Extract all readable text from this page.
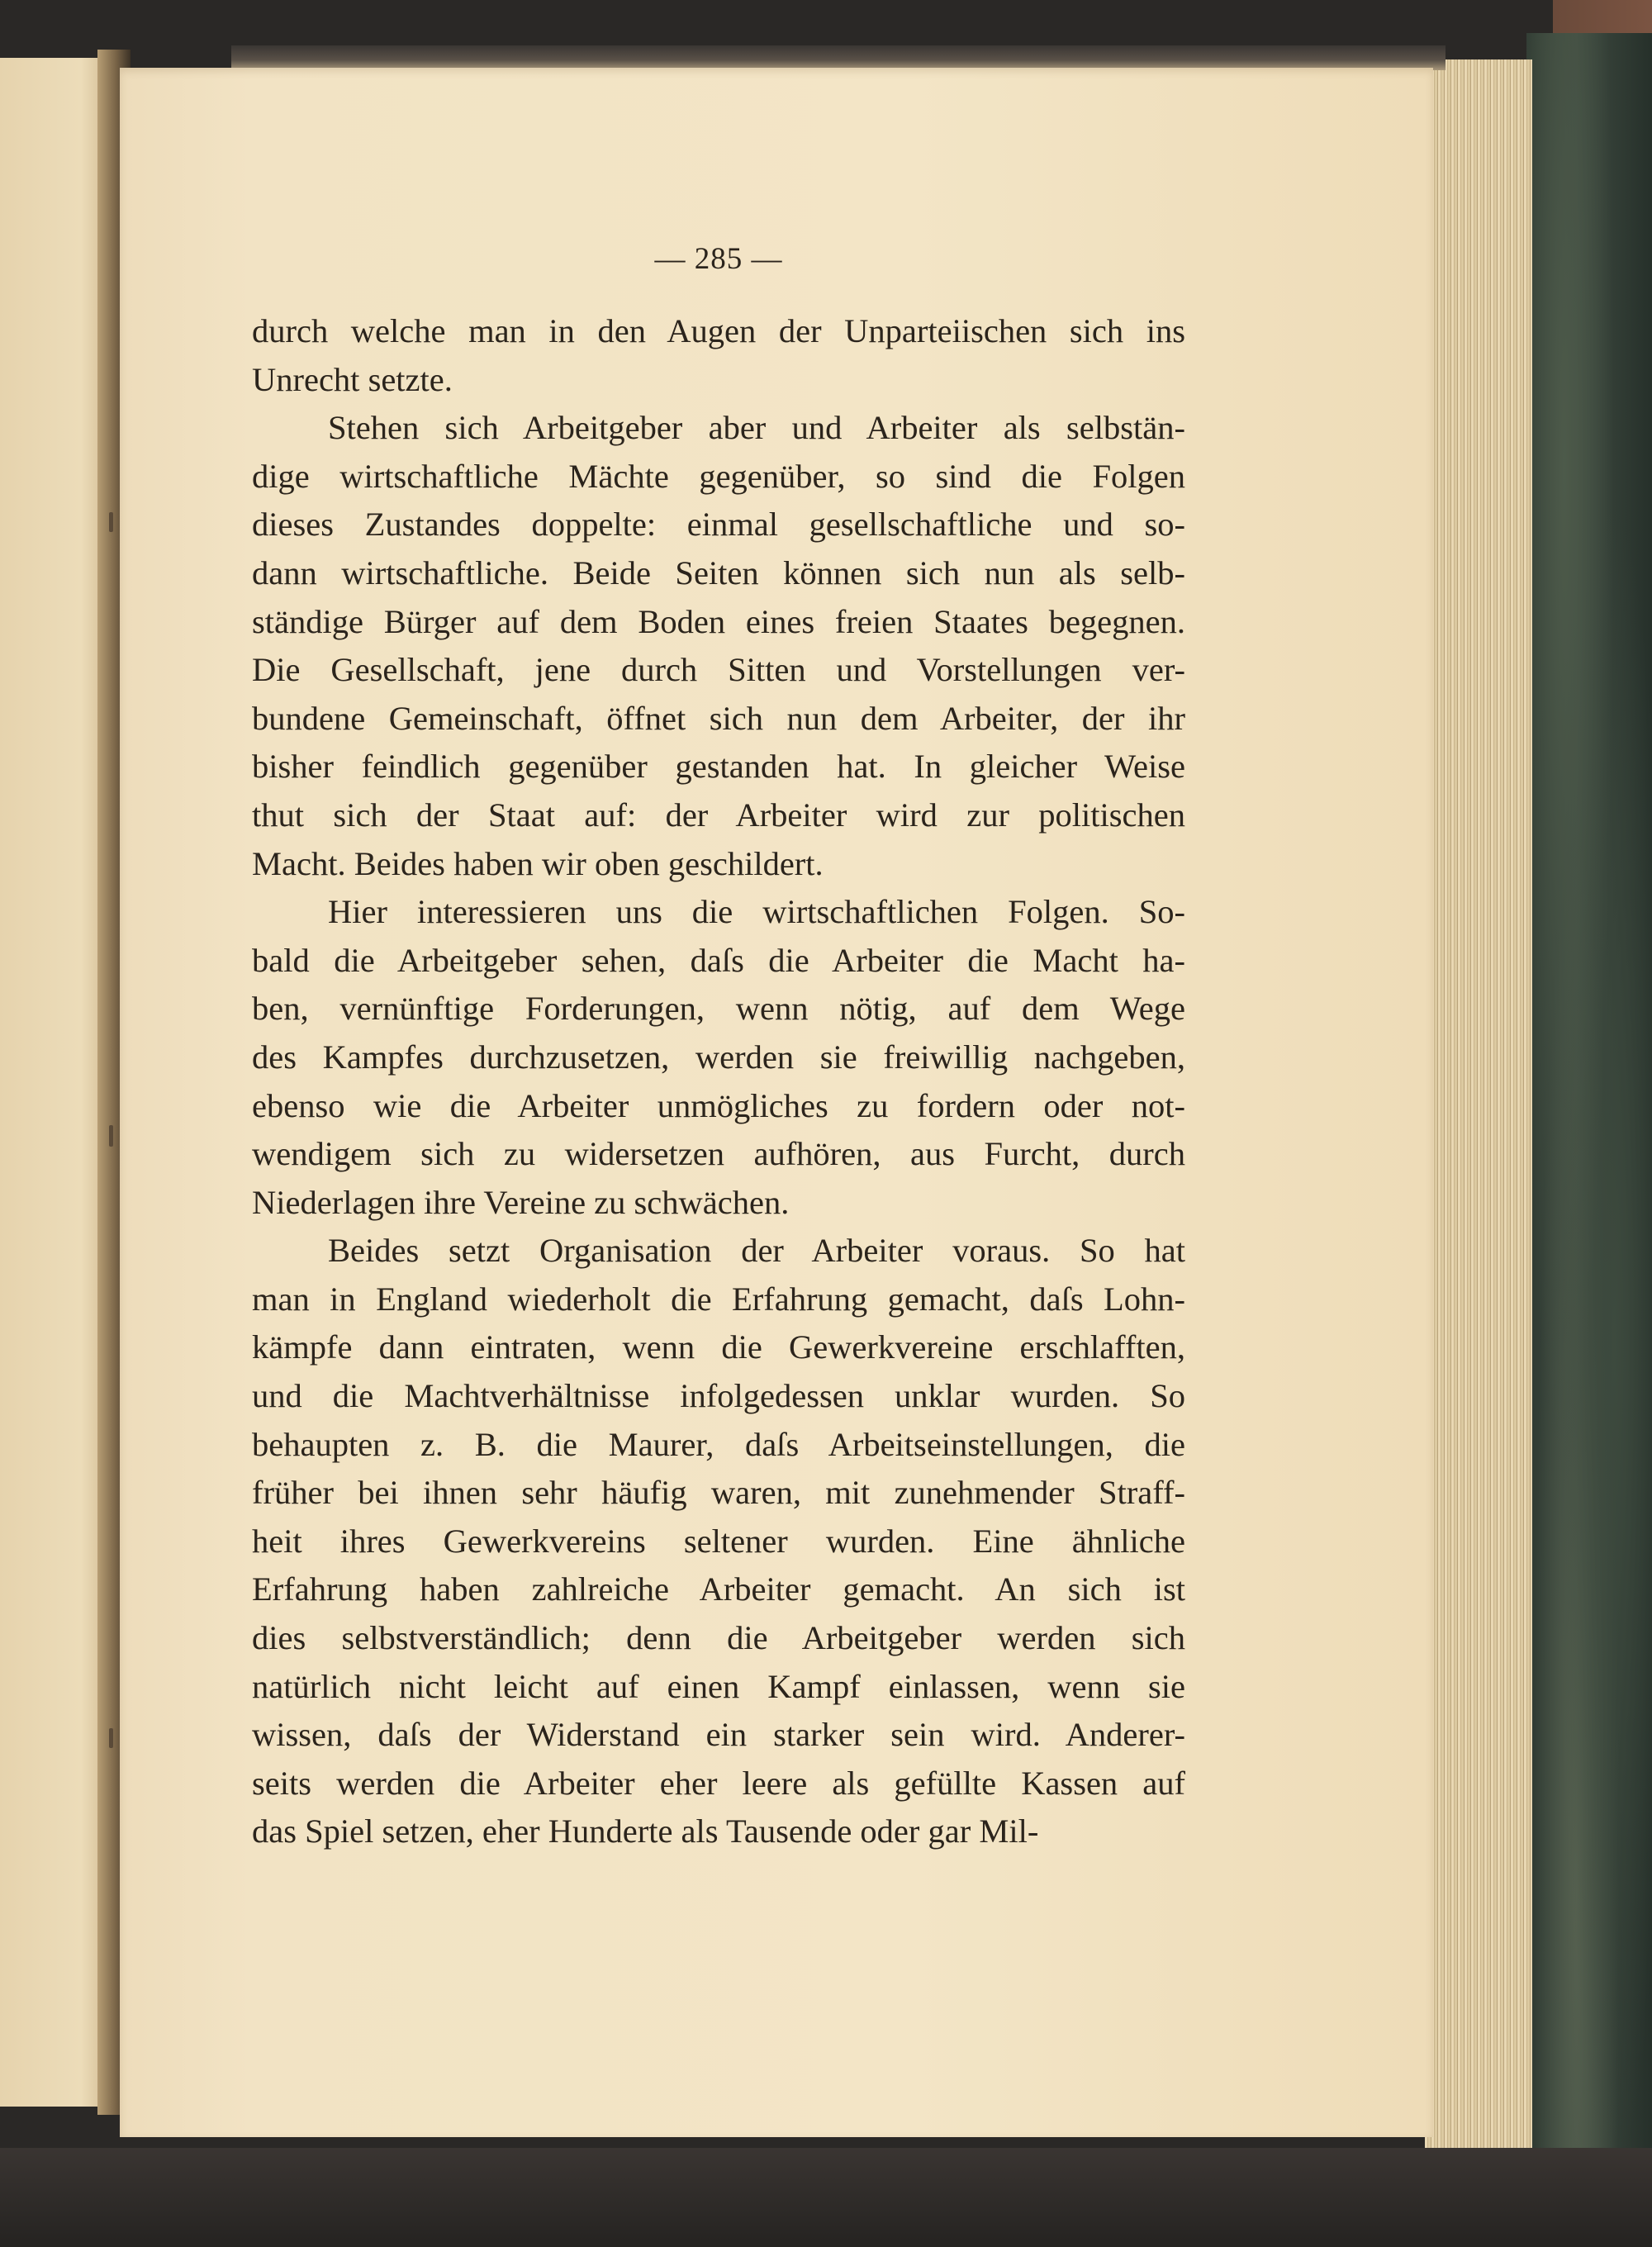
— 285 —
durch welche man in den Augen der Unparteiischen sich ins
Unrecht setzte.
Stehen sich Arbeitgeber aber und Arbeiter als selbstän-
dige wirtschaftliche Mächte gegenüber, so sind die Folgen
dieses Zustandes doppelte: einmal gesellschaftliche und so-
dann wirtschaftliche. Beide Seiten können sich nun als selb-
ständige Bürger auf dem Boden eines freien Staates begegnen.
Die Gesellschaft, jene durch Sitten und Vorstellungen ver-
bundene Gemeinschaft, öffnet sich nun dem Arbeiter, der ihr
bisher feindlich gegenüber gestanden hat. In gleicher Weise
thut sich der Staat auf: der Arbeiter wird zur politischen
Macht. Beides haben wir oben geschildert.
Hier interessieren uns die wirtschaftlichen Folgen. So-
bald die Arbeitgeber sehen, daſs die Arbeiter die Macht ha-
ben, vernünftige Forderungen, wenn nötig, auf dem Wege
des Kampfes durchzusetzen, werden sie freiwillig nachgeben,
ebenso wie die Arbeiter unmögliches zu fordern oder not-
wendigem sich zu widersetzen aufhören, aus Furcht, durch
Niederlagen ihre Vereine zu schwächen.
Beides setzt Organisation der Arbeiter voraus. So hat
man in England wiederholt die Erfahrung gemacht, daſs Lohn-
kämpfe dann eintraten, wenn die Gewerkvereine erschlafften,
und die Machtverhältnisse infolgedessen unklar wurden. So
behaupten z. B. die Maurer, daſs Arbeitseinstellungen, die
früher bei ihnen sehr häufig waren, mit zunehmender Straff-
heit ihres Gewerkvereins seltener wurden. Eine ähnliche
Erfahrung haben zahlreiche Arbeiter gemacht. An sich ist
dies selbstverständlich; denn die Arbeitgeber werden sich
natürlich nicht leicht auf einen Kampf einlassen, wenn sie
wissen, daſs der Widerstand ein starker sein wird. Anderer-
seits werden die Arbeiter eher leere als gefüllte Kassen auf
das Spiel setzen, eher Hunderte als Tausende oder gar Mil-
